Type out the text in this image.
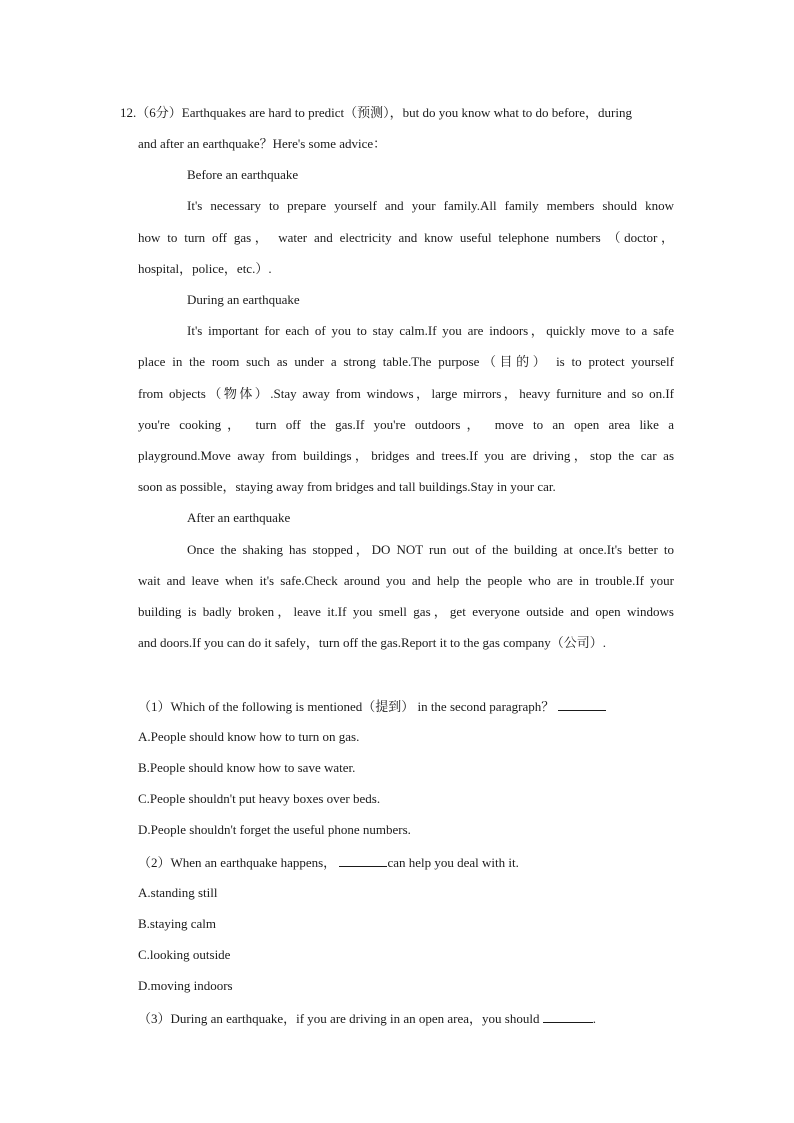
12.（6分）Earthquakes are hard to predict（预测），but do you know what to do before，during
and after an earthquake？Here's some advice：
Before an earthquake
It's necessary to prepare yourself and your family.All family members should know
how to turn off gas， water and electricity and know useful telephone numbers （doctor，
hospital，police，etc.）.
During an earthquake
It's important for each of you to stay calm.If you are indoors，quickly move to a safe
place in the room such as under a strong table.The purpose（目的） is to protect yourself
from objects（物体）.Stay away from windows，large mirrors，heavy furniture and so on.If
you're cooking， turn off the gas.If you're outdoors， move to an open area like a
playground.Move away from buildings，bridges and trees.If you are driving，stop the car as
soon as possible，staying away from bridges and tall buildings.Stay in your car.
After an earthquake
Once the shaking has stopped，DO NOT run out of the building at once.It's better to
wait and leave when it's safe.Check around you and help the people who are in trouble.If your
building is badly broken，leave it.If you smell gas，get everyone outside and open windows
and doors.If you can do it safely，turn off the gas.Report it to the gas company（公司）.
（1）Which of the following is mentioned（提到） in the second paragraph？
A.People should know how to turn on gas.
B.People should know how to save water.
C.People shouldn't put heavy boxes over beds.
D.People shouldn't forget the useful phone numbers.
（2）When an earthquake happens，	can help you deal with it.
A.standing still
B.staying calm
C.looking outside
D.moving indoors
（3）During an earthquake，if you are driving in an open area，you should	.
